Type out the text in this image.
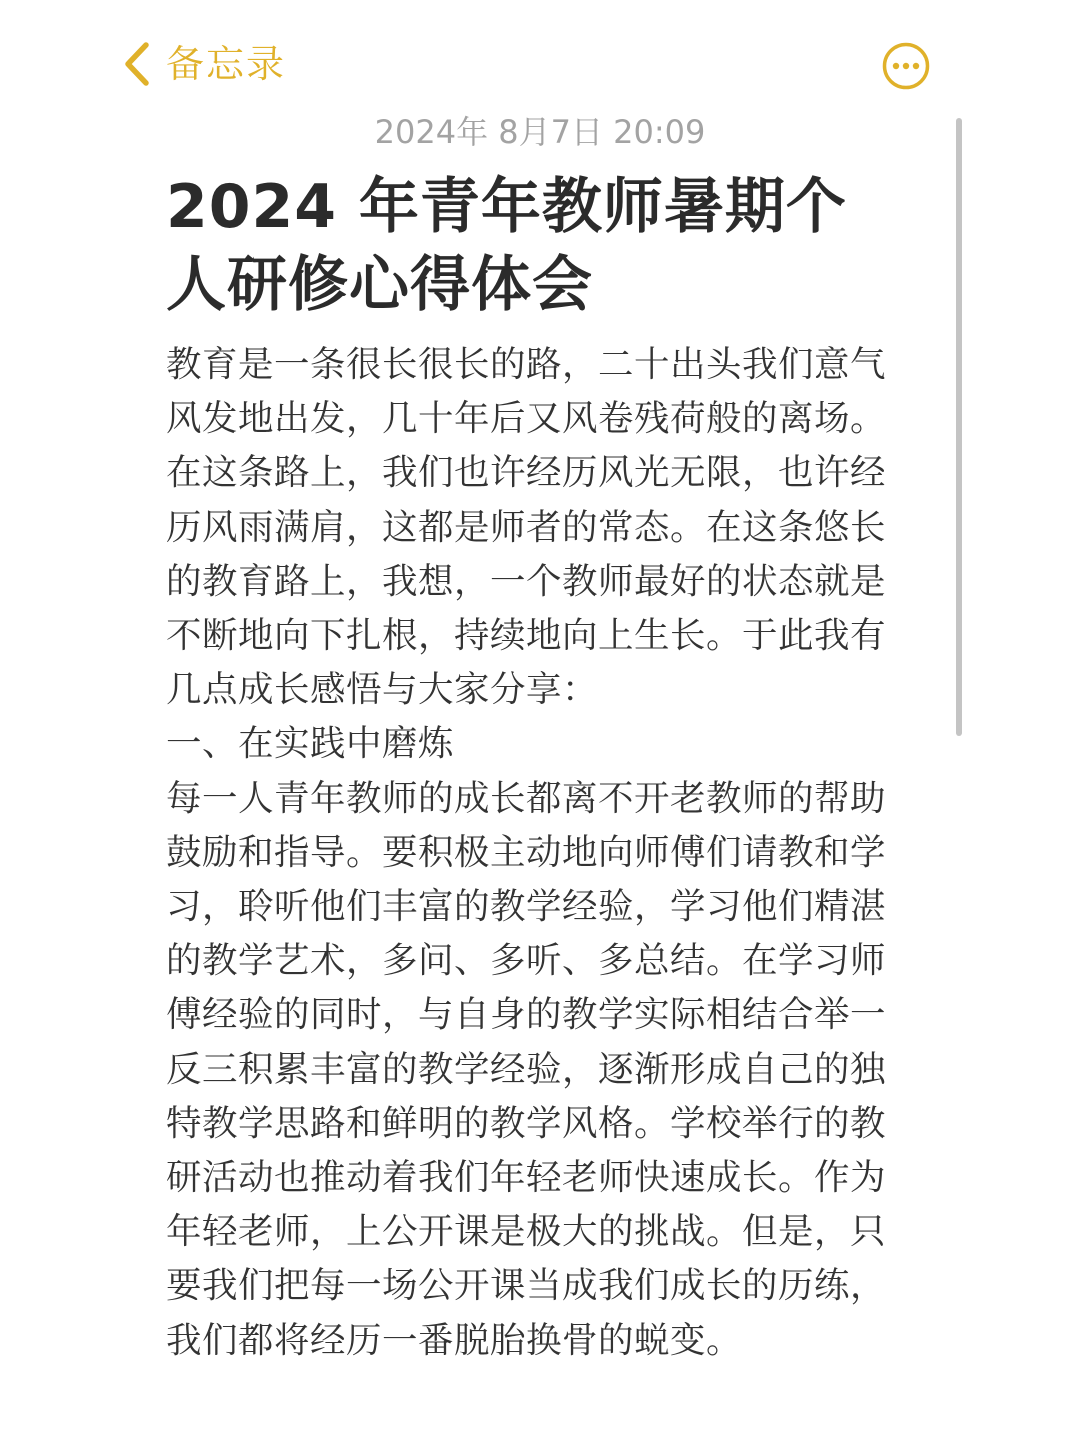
备忘录
2024年 8月7日 20:09
2024 年青年教师暑期个人研修心得体会

教育是一条很长很长的路，二十出头我们意气风发地出发，几十年后又风卷残荷般的离场。在这条路上，我们也许经历风光无限，也许经历风雨满肩，这都是师者的常态。在这条悠长的教育路上，我想，一个教师最好的状态就是不断地向下扎根，持续地向上生长。于此我有几点成长感悟与大家分享：

一、在实践中磨炼

每一人青年教师的成长都离不开老教师的帮助鼓励和指导。要积极主动地向师傅们请教和学习，聆听他们丰富的教学经验，学习他们精湛的教学艺术，多问、多听、多总结。在学习师傅经验的同时，与自身的教学实际相结合举一反三积累丰富的教学经验，逐渐形成自己的独特教学思路和鲜明的教学风格。学校举行的教研活动也推动着我们年轻老师快速成长。作为年轻老师，上公开课是极大的挑战。但是，只要我们把每一场公开课当成我们成长的历练，我们都将经历一番脱胎换骨的蜕变。
